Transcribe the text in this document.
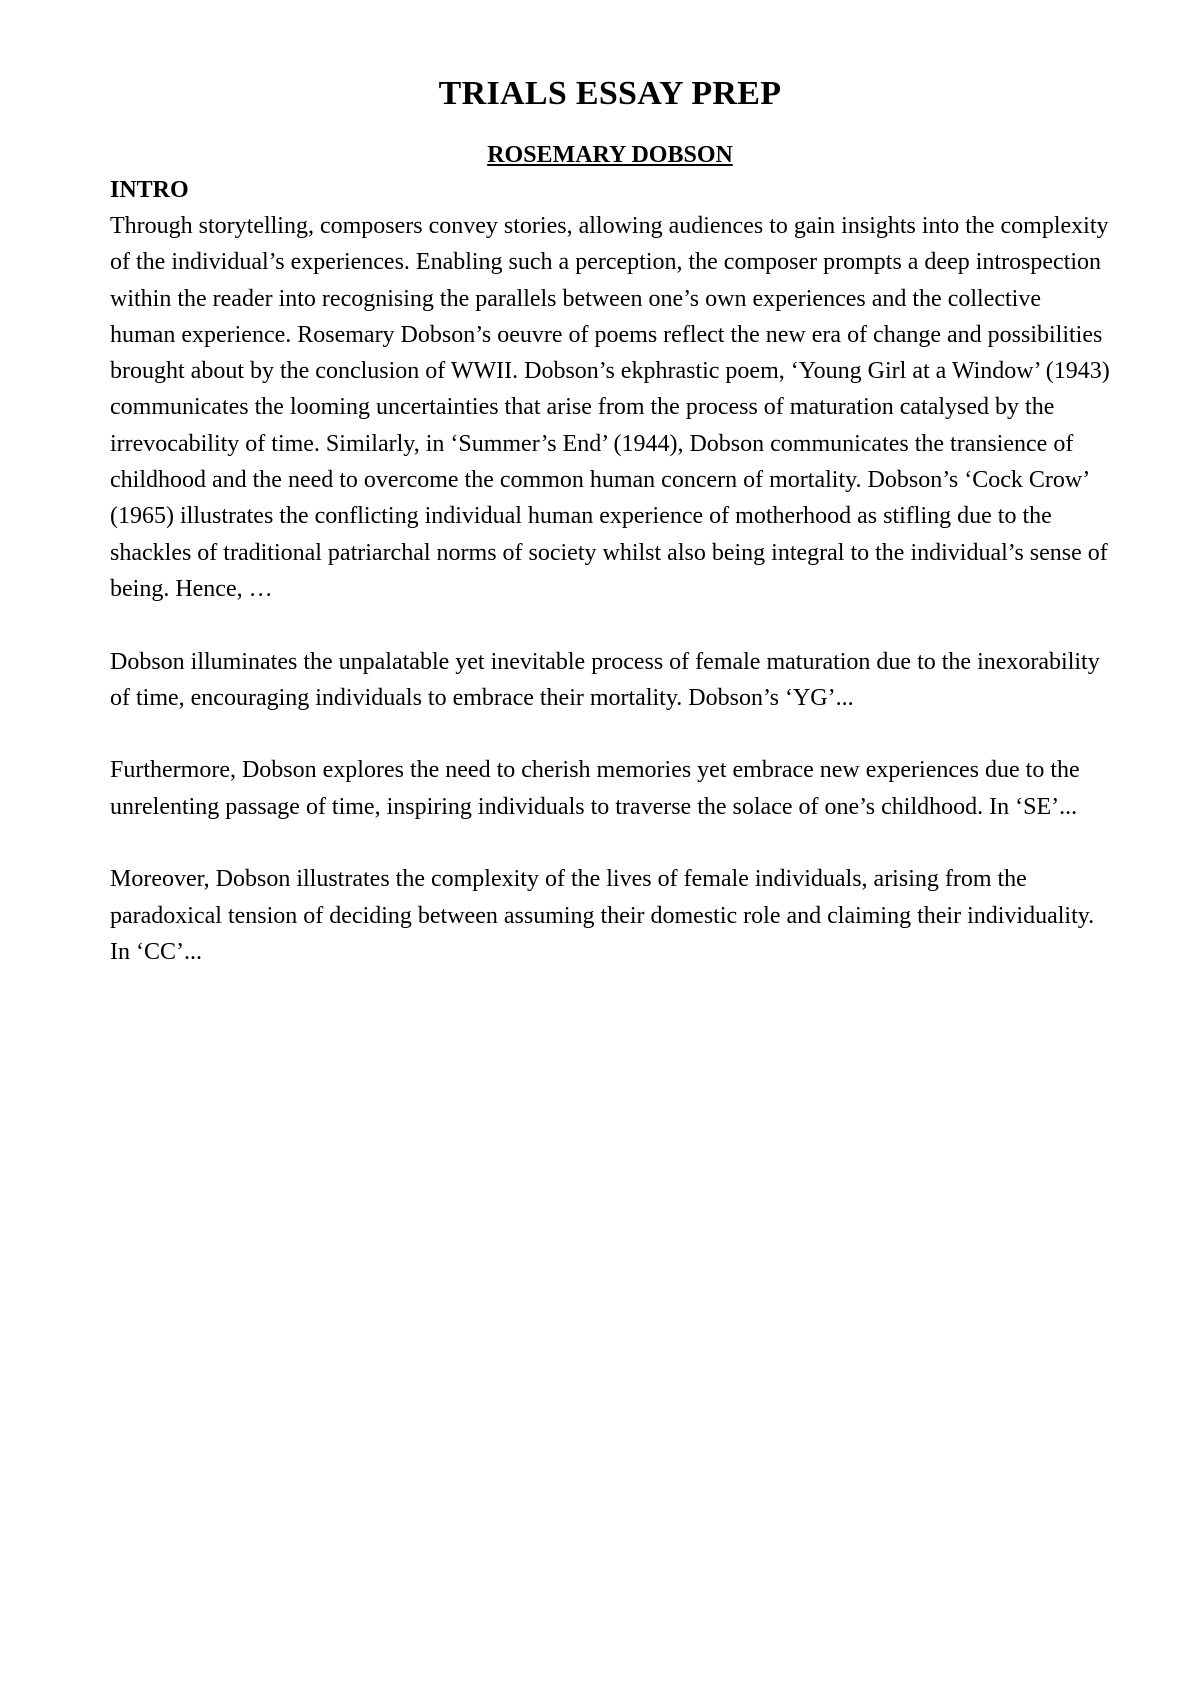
TRIALS ESSAY PREP
ROSEMARY DOBSON
INTRO

Through storytelling, composers convey stories, allowing audiences to gain insights into the complexity of the individual’s experiences. Enabling such a perception, the composer prompts a deep introspection within the reader into recognising the parallels between one’s own experiences and the collective human experience. Rosemary Dobson’s oeuvre of poems reflect the new era of change and possibilities brought about by the conclusion of WWII. Dobson’s ekphrastic poem, ‘Young Girl at a Window’ (1943) communicates the looming uncertainties that arise from the process of maturation catalysed by the irrevocability of time. Similarly, in ‘Summer’s End’ (1944), Dobson communicates the transience of childhood and the need to overcome the common human concern of mortality. Dobson’s ‘Cock Crow’ (1965) illustrates the conflicting individual human experience of motherhood as stifling due to the shackles of traditional patriarchal norms of society whilst also being integral to the individual’s sense of being. Hence, …

Dobson illuminates the unpalatable yet inevitable process of female maturation due to the inexorability of time, encouraging individuals to embrace their mortality. Dobson’s ‘YG’...

Furthermore, Dobson explores the need to cherish memories yet embrace new experiences due to the unrelenting passage of time, inspiring individuals to traverse the solace of one’s childhood. In ‘SE’...

Moreover, Dobson illustrates the complexity of the lives of female individuals, arising from the paradoxical tension of deciding between assuming their domestic role and claiming their individuality. In ‘CC’...
